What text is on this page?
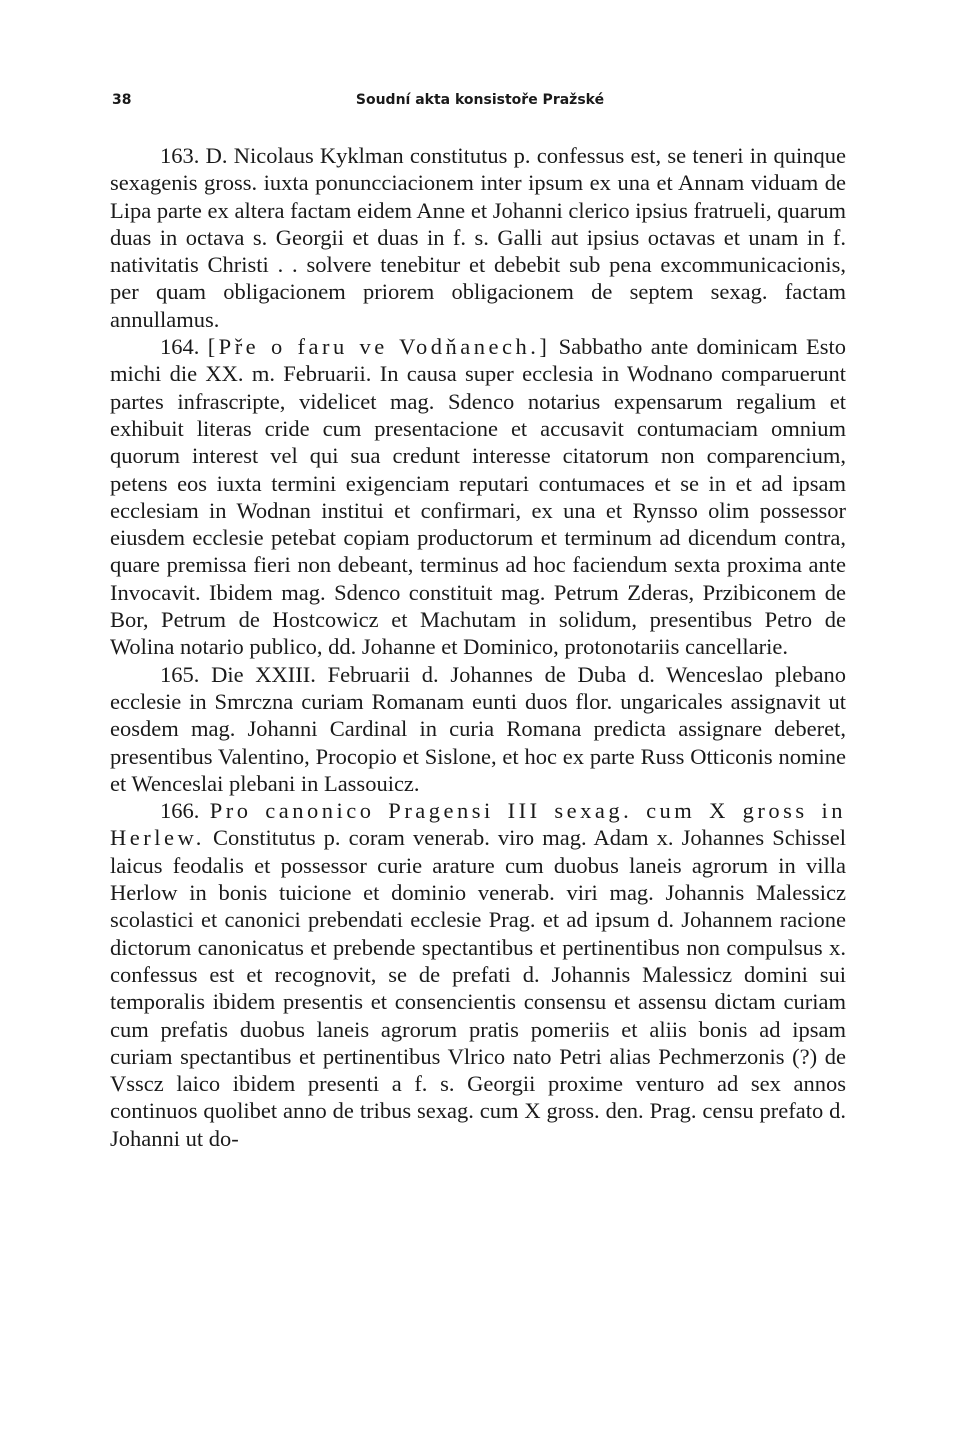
38	Soudní akta konsistoře Pražské

163. D. Nicolaus Kyklman constitutus p. confessus est, se teneri in quinque sexagenis gross. iuxta ponuncciacionem inter ipsum ex una et Annam viduam de Lipa parte ex altera factam eidem Anne et Johanni clerico ipsius fratrueli, quarum duas in octava s. Georgii et duas in f. s. Galli aut ipsius octavas et unam in f. nativitatis Christi . . solvere tenebitur et debebit sub pena excommunicacionis, per quam obligacionem priorem obligacionem de septem sexag. factam annullamus.

164. [Pře o faru ve Vodňanech.] Sabbatho ante dominicam Esto michi die XX. m. Februarii. In causa super ecclesia in Wodnano comparuerunt partes infrascripte, videlicet mag. Sdenco notarius expensarum regalium et exhibuit literas cride cum presentacione et accusavit contumaciam omnium quorum interest vel qui sua credunt interesse citatorum non comparencium, petens eos iuxta termini exigenciam reputari contumaces et se in et ad ipsam ecclesiam in Wodnan institui et confirmari, ex una et Rynsso olim possessor eiusdem ecclesie petebat copiam productorum et terminum ad dicendum contra, quare premissa fieri non debeant, terminus ad hoc faciendum sexta proxima ante Invocavit. Ibidem mag. Sdenco constituit mag. Petrum Zderas, Przibiconem de Bor, Petrum de Hostcowicz et Machutam in solidum, presentibus Petro de Wolina notario publico, dd. Johanne et Dominico, protonotariis cancellarie.

165. Die XXIII. Februarii d. Johannes de Duba d. Wenceslao plebano ecclesie in Smrczna curiam Romanam eunti duos flor. ungaricales assignavit ut eosdem mag. Johanni Cardinal in curia Romana predicta assignare deberet, presentibus Valentino, Procopio et Sislone, et hoc ex parte Russ Otticonis nomine et Wenceslai plebani in Lassouicz.

166. Pro canonico Pragensi III sexag. cum X gross in Herlew. Constitutus p. coram venerab. viro mag. Adam x. Johannes Schissel laicus feodalis et possessor curie arature cum duobus laneis agrorum in villa Herlow in bonis tuicione et dominio venerab. viri mag. Johannis Malessicz scolastici et canonici prebendati ecclesie Prag. et ad ipsum d. Johannem racione dictorum canonicatus et prebende spectantibus et pertinentibus non compulsus x. confessus est et recognovit, se de prefati d. Johannis Malessicz domini sui temporalis ibidem presentis et consencientis consensu et assensu dictam curiam cum prefatis duobus laneis agrorum pratis pomeriis et aliis bonis ad ipsam curiam spectantibus et pertinentibus Vlrico nato Petri alias Pechmerzonis (?) de Vsscz laico ibidem presenti a f. s. Georgii proxime venturo ad sex annos continuos quolibet anno de tribus sexag. cum X gross. den. Prag. censu prefato d. Johanni ut do-
